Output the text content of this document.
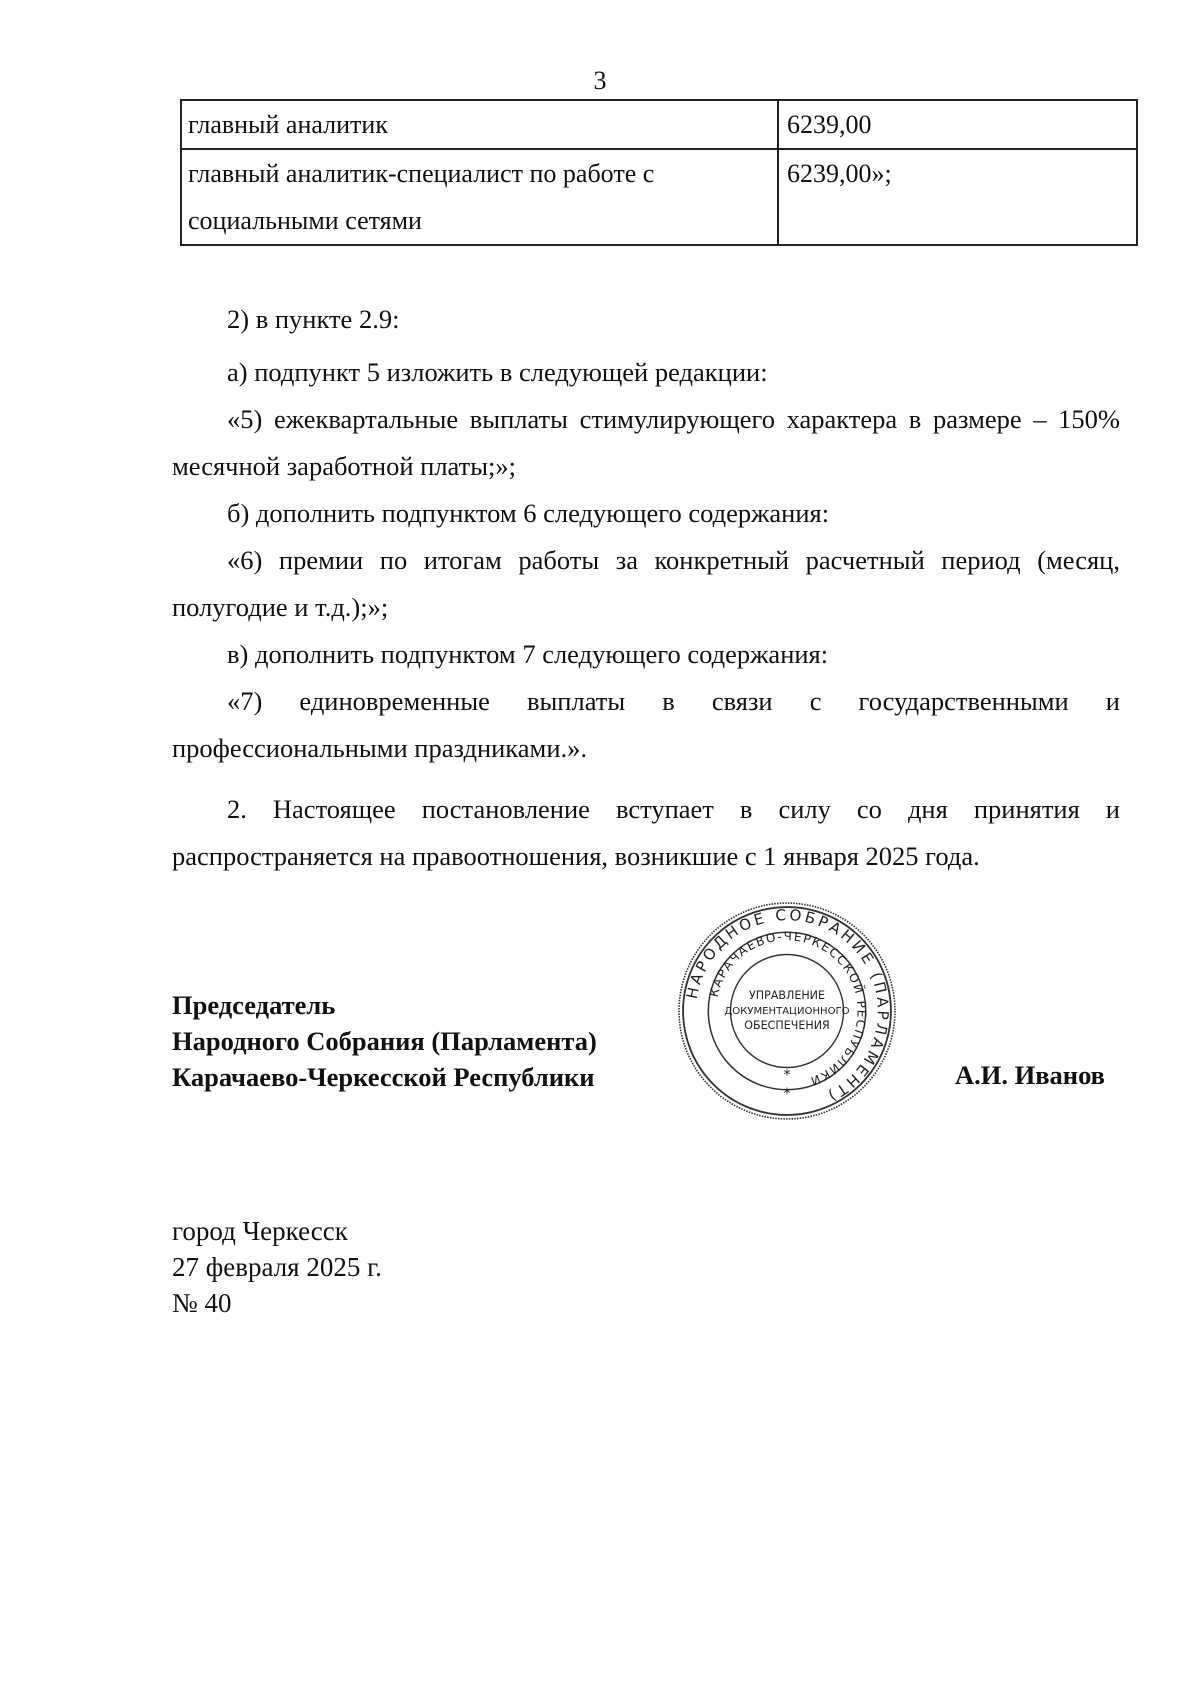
3
главный аналитик	6239,00
главный аналитик-специалист по работе с социальными сетями	6239,00»;

2) в пункте 2.9:

а) подпункт 5 изложить в следующей редакции:

«5) ежеквартальные выплаты стимулирующего характера в размере – 150% месячной заработной платы;»;

б) дополнить подпунктом 6 следующего содержания:

«6) премии по итогам работы за конкретный расчетный период (месяц, полугодие и т.д.);»;

в) дополнить подпунктом 7 следующего содержания:

«7) единовременные выплаты в связи с государственными и профессиональными праздниками.».

2. Настоящее постановление вступает в силу со дня принятия и распространяется на правоотношения, возникшие с 1 января 2025 года.

Председатель
Народного Собрания (Парламента)
Карачаево-Черкесской Республики
НАРОДНОЕ СОБРАНИЕ (ПАРЛАМЕНТ)
КАРАЧАЕВО-ЧЕРКЕССКОЙ РЕСПУБЛИКИ
УПРАВЛЕНИЕ
ДОКУМЕНТАЦИОННОГО
ОБЕСПЕЧЕНИЯ
*
*
А.И. Иванов
город Черкесск
27 февраля 2025 г.
№ 40
